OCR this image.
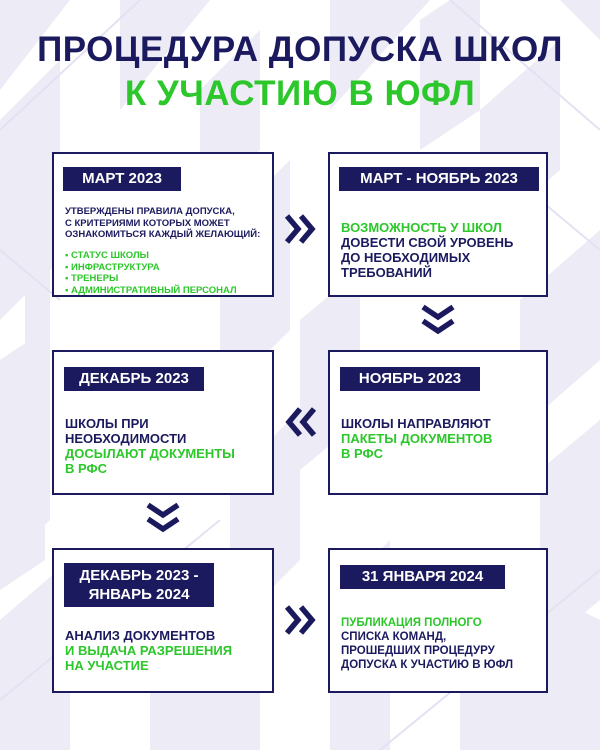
ПРОЦЕДУРА ДОПУСКА ШКОЛ
К УЧАСТИЮ В ЮФЛ
МАРТ 2023
УТВЕРЖДЕНЫ ПРАВИЛА ДОПУСКА,
С КРИТЕРИЯМИ КОТОРЫХ МОЖЕТ
ОЗНАКОМИТЬСЯ КАЖДЫЙ ЖЕЛАЮЩИЙ:
▪ СТАТУС ШКОЛЫ
▪ ИНФРАСТРУКТУРА
▪ ТРЕНЕРЫ
▪ АДМИНИСТРАТИВНЫЙ ПЕРСОНАЛ
МАРТ - НОЯБРЬ 2023
ВОЗМОЖНОСТЬ У ШКОЛ
ДОВЕСТИ СВОЙ УРОВЕНЬ
ДО НЕОБХОДИМЫХ
ТРЕБОВАНИЙ
НОЯБРЬ 2023
ШКОЛЫ НАПРАВЛЯЮТ
ПАКЕТЫ ДОКУМЕНТОВ
В РФС
ДЕКАБРЬ 2023
ШКОЛЫ ПРИ
НЕОБХОДИМОСТИ
ДОСЫЛАЮТ ДОКУМЕНТЫ
В РФС
ДЕКАБРЬ 2023 -
ЯНВАРЬ 2024
АНАЛИЗ ДОКУМЕНТОВ
И ВЫДАЧА РАЗРЕШЕНИЯ
НА УЧАСТИЕ
31 ЯНВАРЯ 2024
ПУБЛИКАЦИЯ ПОЛНОГО
СПИСКА КОМАНД,
ПРОШЕДШИХ ПРОЦЕДУРУ
ДОПУСКА К УЧАСТИЮ В ЮФЛ
